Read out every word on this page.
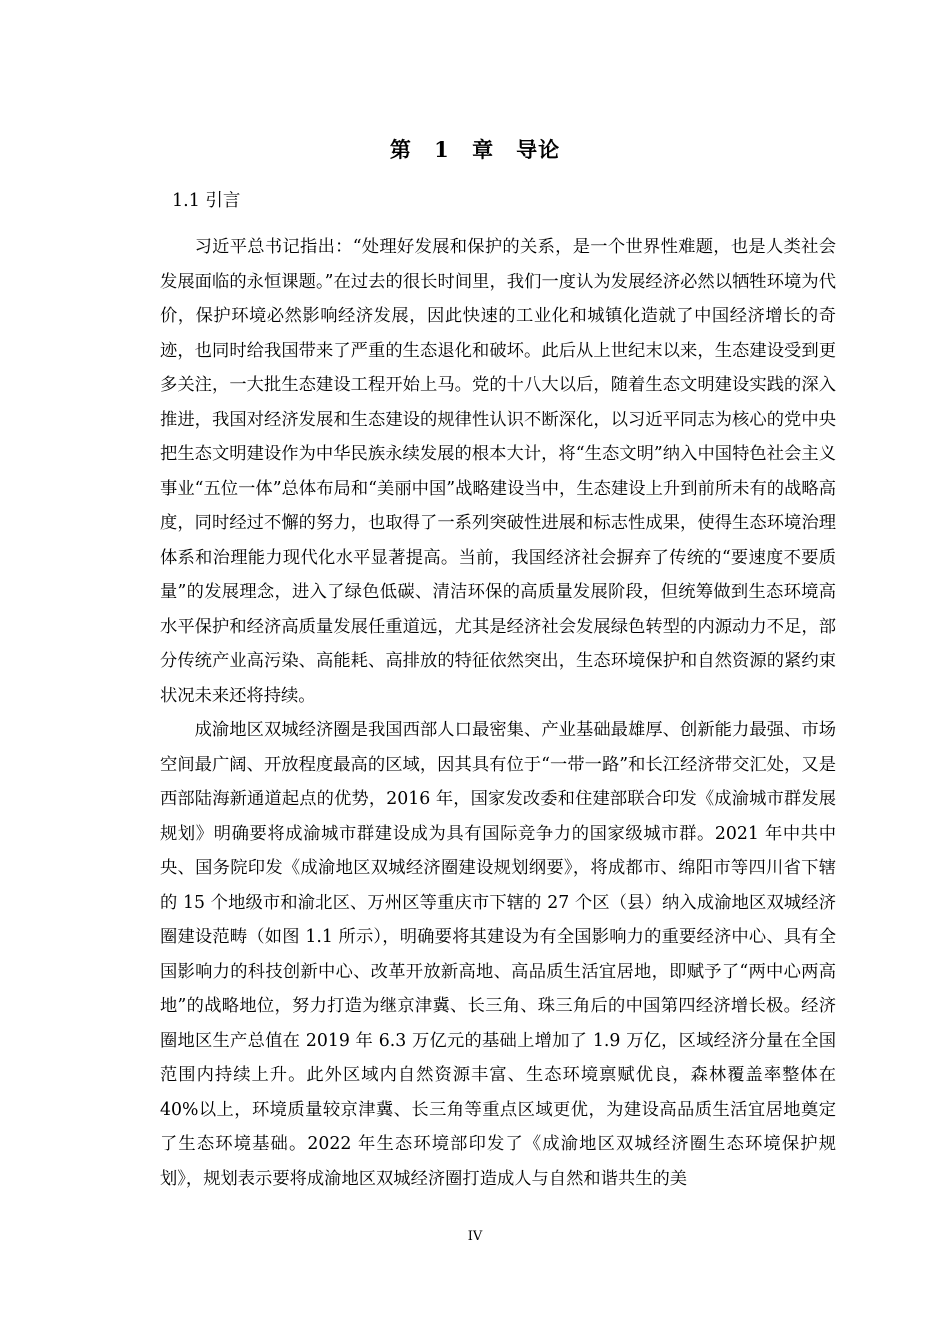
第 1 章　导论
1.1 引言

习近平总书记指出：“处理好发展和保护的关系，是一个世界性难题，也是人类社会发展面临的永恒课题。”在过去的很长时间里，我们一度认为发展经济必然以牺牲环境为代价，保护环境必然影响经济发展，因此快速的工业化和城镇化造就了中国经济增长的奇迹，也同时给我国带来了严重的生态退化和破坏。此后从上世纪末以来，生态建设受到更多关注，一大批生态建设工程开始上马。党的十八大以后，随着生态文明建设实践的深入推进，我国对经济发展和生态建设的规律性认识不断深化，以习近平同志为核心的党中央把生态文明建设作为中华民族永续发展的根本大计，将“生态文明”纳入中国特色社会主义事业“五位一体”总体布局和“美丽中国”战略建设当中，生态建设上升到前所未有的战略高度，同时经过不懈的努力，也取得了一系列突破性进展和标志性成果，使得生态环境治理体系和治理能力现代化水平显著提高。当前，我国经济社会摒弃了传统的“要速度不要质量”的发展理念，进入了绿色低碳、清洁环保的高质量发展阶段，但统筹做到生态环境高水平保护和经济高质量发展任重道远，尤其是经济社会发展绿色转型的内源动力不足，部分传统产业高污染、高能耗、高排放的特征依然突出，生态环境保护和自然资源的紧约束状况未来还将持续。

成渝地区双城经济圈是我国西部人口最密集、产业基础最雄厚、创新能力最强、市场空间最广阔、开放程度最高的区域，因其具有位于“一带一路”和长江经济带交汇处，又是西部陆海新通道起点的优势，2016 年，国家发改委和住建部联合印发《成渝城市群发展规划》明确要将成渝城市群建设成为具有国际竞争力的国家级城市群。2021 年中共中央、国务院印发《成渝地区双城经济圈建设规划纲要》，将成都市、绵阳市等四川省下辖的 15 个地级市和渝北区、万州区等重庆市下辖的 27 个区（县）纳入成渝地区双城经济圈建设范畴（如图 1.1 所示），明确要将其建设为有全国影响力的重要经济中心、具有全国影响力的科技创新中心、改革开放新高地、高品质生活宜居地，即赋予了“两中心两高地”的战略地位，努力打造为继京津冀、长三角、珠三角后的中国第四经济增长极。经济圈地区生产总值在 2019 年 6.3 万亿元的基础上增加了 1.9 万亿，区域经济分量在全国范围内持续上升。此外区域内自然资源丰富、生态环境禀赋优良，森林覆盖率整体在 40%以上，环境质量较京津冀、长三角等重点区域更优，为建设高品质生活宜居地奠定了生态环境基础。2022 年生态环境部印发了《成渝地区双城经济圈生态环境保护规划》，规划表示要将成渝地区双城经济圈打造成人与自然和谐共生的美

IV
